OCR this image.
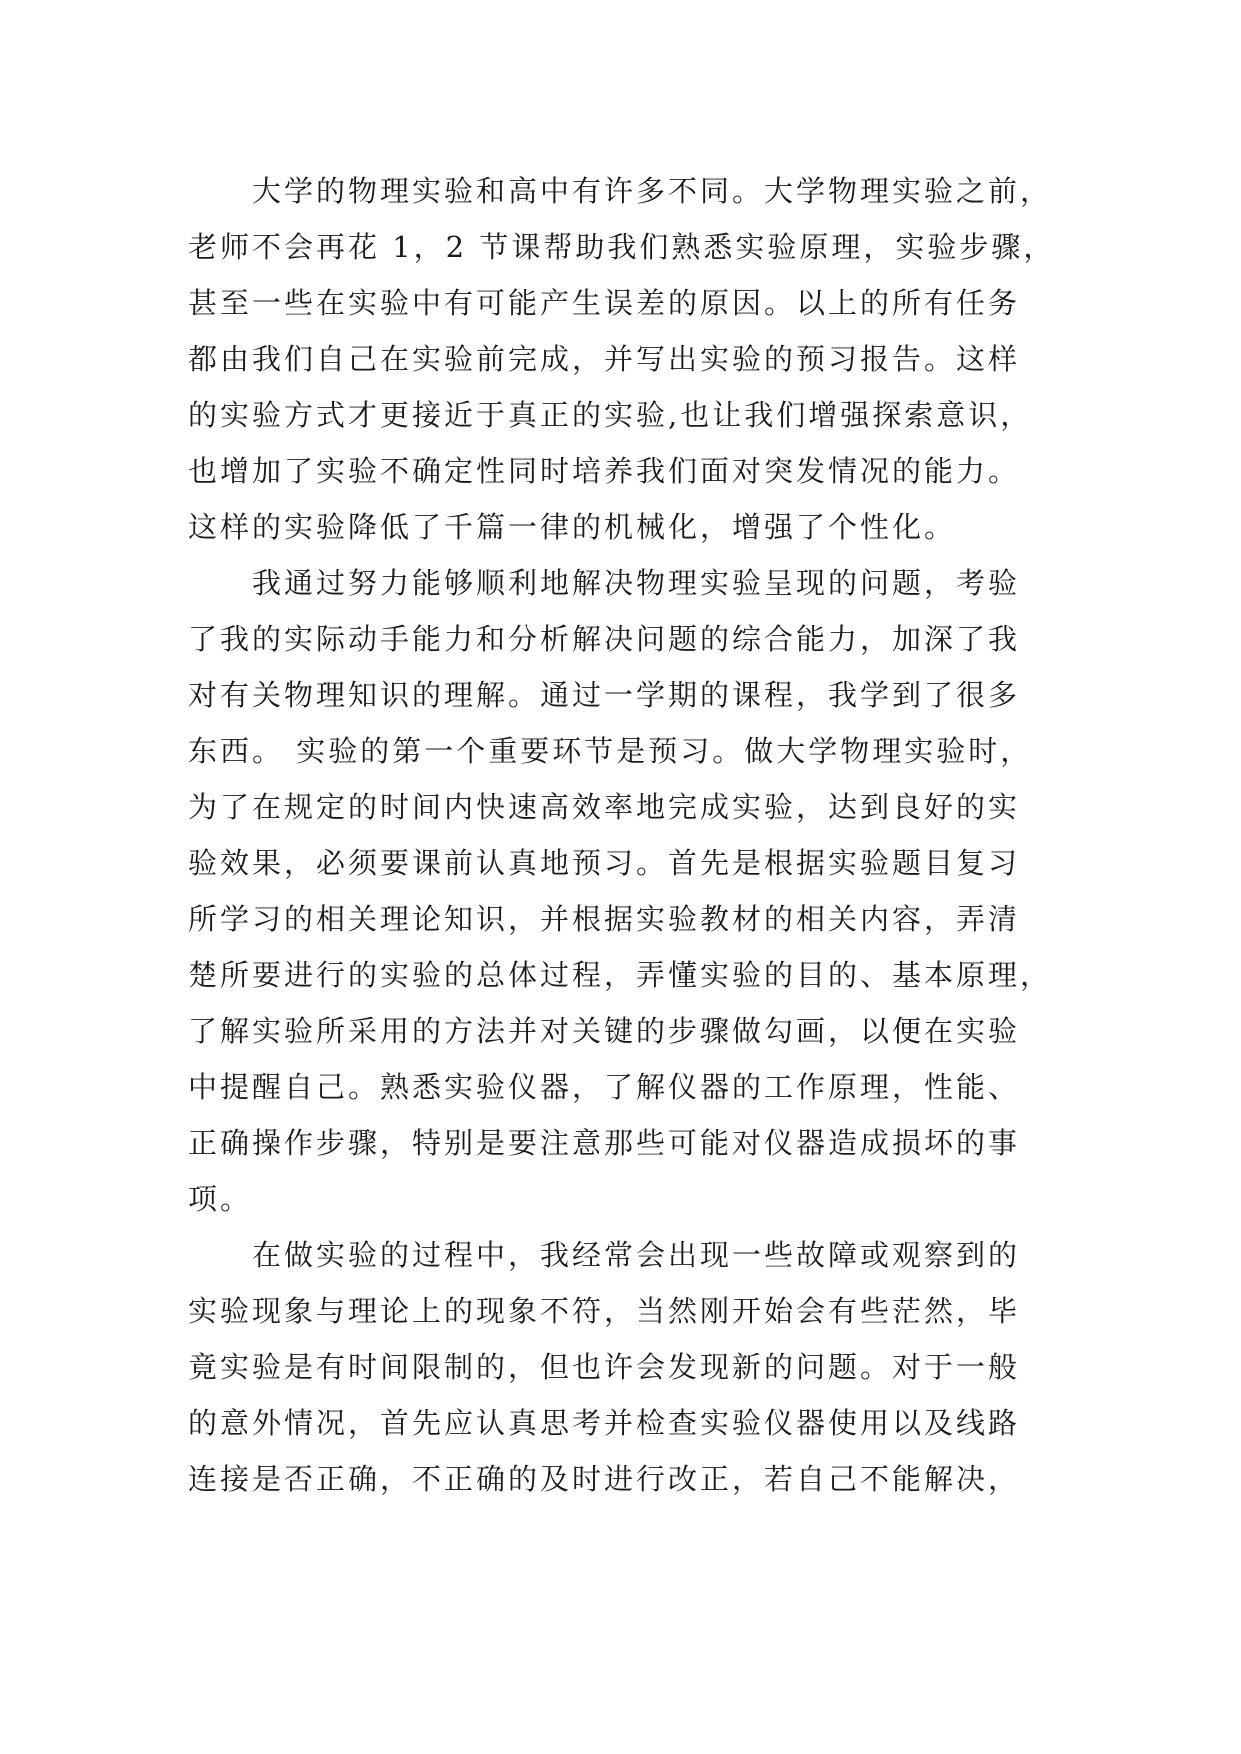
大学的物理实验和高中有许多不同。大学物理实验之前，
老师不会再花 1，2 节课帮助我们熟悉实验原理，实验步骤，
甚至一些在实验中有可能产生误差的原因。以上的所有任务
都由我们自己在实验前完成，并写出实验的预习报告。这样
的实验方式才更接近于真正的实验,也让我们增强探索意识，
也增加了实验不确定性同时培养我们面对突发情况的能力。
这样的实验降低了千篇一律的机械化，增强了个性化。
我通过努力能够顺利地解决物理实验呈现的问题，考验
了我的实际动手能力和分析解决问题的综合能力，加深了我
对有关物理知识的理解。通过一学期的课程，我学到了很多
东西。 实验的第一个重要环节是预习。做大学物理实验时，
为了在规定的时间内快速高效率地完成实验，达到良好的实
验效果，必须要课前认真地预习。首先是根据实验题目复习
所学习的相关理论知识，并根据实验教材的相关内容，弄清
楚所要进行的实验的总体过程，弄懂实验的目的、基本原理，
了解实验所采用的方法并对关键的步骤做勾画，以便在实验
中提醒自己。熟悉实验仪器，了解仪器的工作原理，性能、
正确操作步骤，特别是要注意那些可能对仪器造成损坏的事
项。
在做实验的过程中，我经常会出现一些故障或观察到的
实验现象与理论上的现象不符，当然刚开始会有些茫然，毕
竟实验是有时间限制的，但也许会发现新的问题。对于一般
的意外情况，首先应认真思考并检查实验仪器使用以及线路
连接是否正确，不正确的及时进行改正，若自己不能解决，
